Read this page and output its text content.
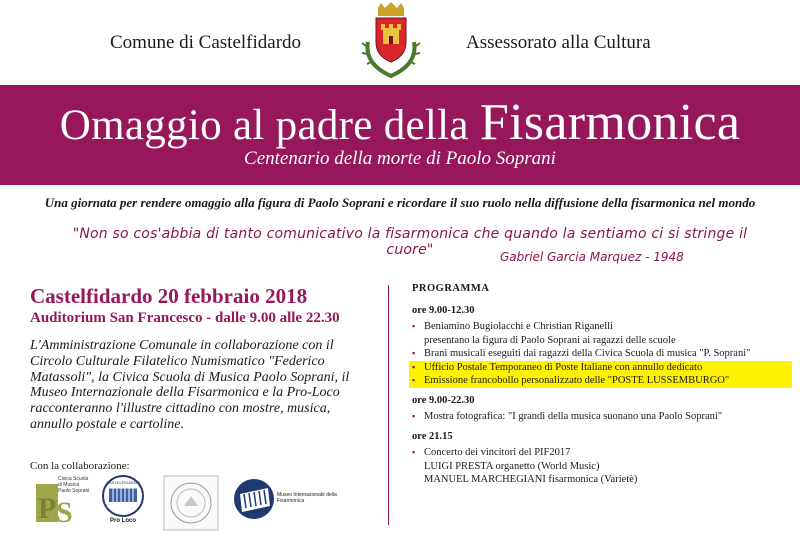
Comune di Castelfidardo	Assessorato alla Cultura
Omaggio al padre della Fisarmonica
Centenario della morte di Paolo Soprani
Una giornata per rendere omaggio alla figura di Paolo Soprani e ricordare il suo ruolo nella diffusione della fisarmonica nel mondo
"Non so cos'abbia di tanto comunicativo la fisarmonica che quando la sentiamo ci si stringe il cuore"	Gabriel Garcia Marquez - 1948
Castelfidardo 20 febbraio 2018
Auditorium San Francesco - dalle 9.00 alle 22.30
L'Amministrazione Comunale in collaborazione con il Circolo Culturale Filatelico Numismatico "Federico Matassoli", la Civica Scuola di Musica Paolo Soprani, il Museo Internazionale della Fisarmonica e la Pro-Loco racconteranno l'illustre cittadino con mostre, musica, annullo postale e cartoline.
Con la collaborazione:
P S
Civica Scuola di Musica Paolo Soprani
CASTELFIDARDO
Pro Loco
Museo Internazionale della Fisarmonica
PROGRAMMA
ore 9.00-12.30
▪ Beniamino Bugiolacchi e Christian Riganelli
presentano la figura di Paolo Soprani ai ragazzi delle scuole
▪ Brani musicali eseguiti dai ragazzi della Civica Scuola di musica "P. Soprani"
▪ Ufficio Postale Temporaneo di Poste Italiane con annullo dedicato
▪ Emissione francobollo personalizzato delle "POSTE LUSSEMBURGO"
ore 9.00-22.30
▪ Mostra fotografica: "I grandi della musica suonano una Paolo Soprani"
ore 21.15
▪ Concerto dei vincitori del PIF2017
LUIGI PRESTA organetto (World Music)
MANUEL MARCHEGIANI fisarmonica (Varietè)
